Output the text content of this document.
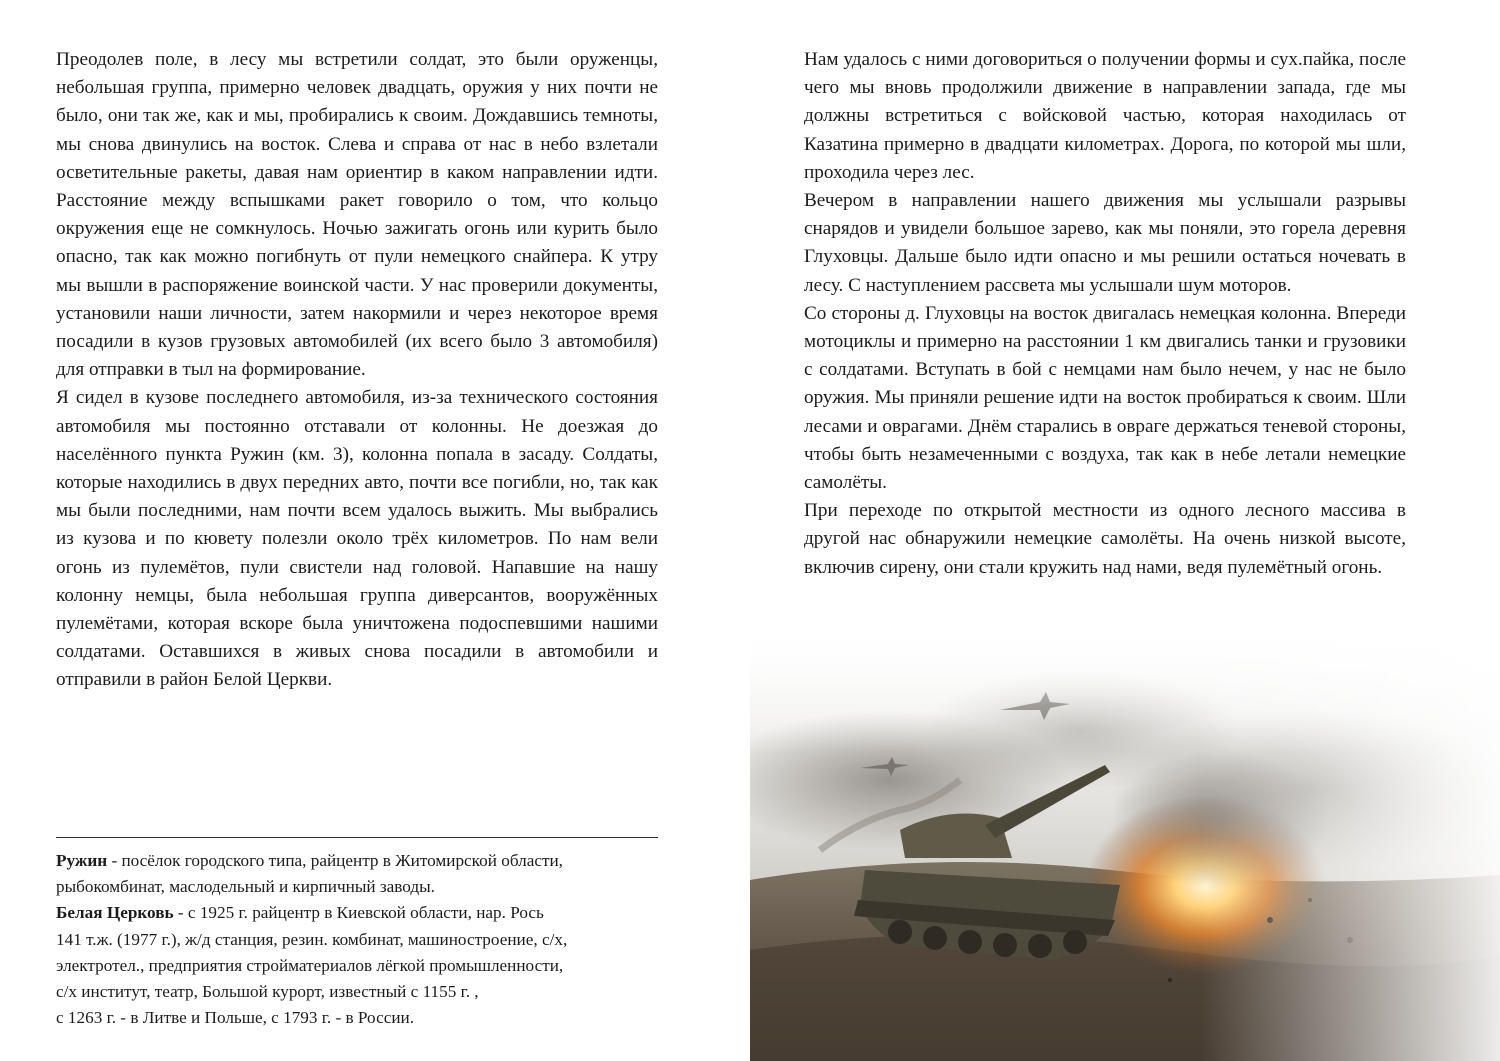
Преодолев поле, в лесу мы встретили солдат, это были оруженцы, небольшая группа, примерно человек двадцать, оружия у них почти не было, они так же, как и мы, пробирались к своим. Дождавшись темноты, мы снова двинулись на восток. Слева и справа от нас в небо взлетали осветительные ракеты, давая нам ориентир в каком направлении идти. Расстояние между вспышками ракет говорило о том, что кольцо окружения еще не сомкнулось. Ночью зажигать огонь или курить было опасно, так как можно погибнуть от пули немецкого снайпера. К утру мы вышли в распоряжение воинской части. У нас проверили документы, установили наши личности, затем накормили и через некоторое время посадили в кузов грузовых автомобилей (их всего было 3 автомобиля) для отправки в тыл на формирование.

Я сидел в кузове последнего автомобиля, из-за технического состояния автомобиля мы постоянно отставали от колонны. Не доезжая до населённого пункта Ружин (км. 3), колонна попала в засаду. Солдаты, которые находились в двух передних авто, почти все погибли, но, так как мы были последними, нам почти всем удалось выжить. Мы выбрались из кузова и по кювету полезли около трёх километров. По нам вели огонь из пулемётов, пули свистели над головой. Напавшие на нашу колонну немцы, была небольшая группа диверсантов, вооружённых пулемётами, которая вскоре была уничтожена подоспевшими нашими солдатами. Оставшихся в живых снова посадили в автомобили и отправили в район Белой Церкви.

Ружин - посёлок городского типа, райцентр в Житомирской области,

рыбокомбинат, маслодельный и кирпичный заводы.

Белая Церковь - с 1925 г. райцентр в Киевской области, нар. Рось

141 т.ж. (1977 г.), ж/д станция, резин. комбинат, машиностроение, с/х,

электротел., предприятия стройматериалов лёгкой промышленности,

с/х институт, театр, Большой курорт, известный с 1155 г. ,

с 1263 г. - в Литве и Польше, с 1793 г. - в России.

Нам удалось с ними договориться о получении формы и сух.пайка, после чего мы вновь продолжили движение в направлении запада, где мы должны встретиться с войсковой частью, которая находилась от Казатина примерно в двадцати километрах. Дорога, по которой мы шли, проходила через лес.

Вечером в направлении нашего движения мы услышали разрывы снарядов и увидели большое зарево, как мы поняли, это горела деревня Глуховцы. Дальше было идти опасно и мы решили остаться ночевать в лесу. С наступлением рассвета мы услышали шум моторов.

Со стороны д. Глуховцы на восток двигалась немецкая колонна. Впереди мотоциклы и примерно на расстоянии 1 км двигались танки и грузовики с солдатами. Вступать в бой с немцами нам было нечем, у нас не было оружия. Мы приняли решение идти на восток пробираться к своим. Шли лесами и оврагами. Днём старались в овраге держаться теневой стороны, чтобы быть незамеченными с воздуха, так как в небе летали немецкие самолёты.

При переходе по открытой местности из одного лесного массива в другой нас обнаружили немецкие самолёты. На очень низкой высоте, включив сирену, они стали кружить над нами, ведя пулемётный огонь.
